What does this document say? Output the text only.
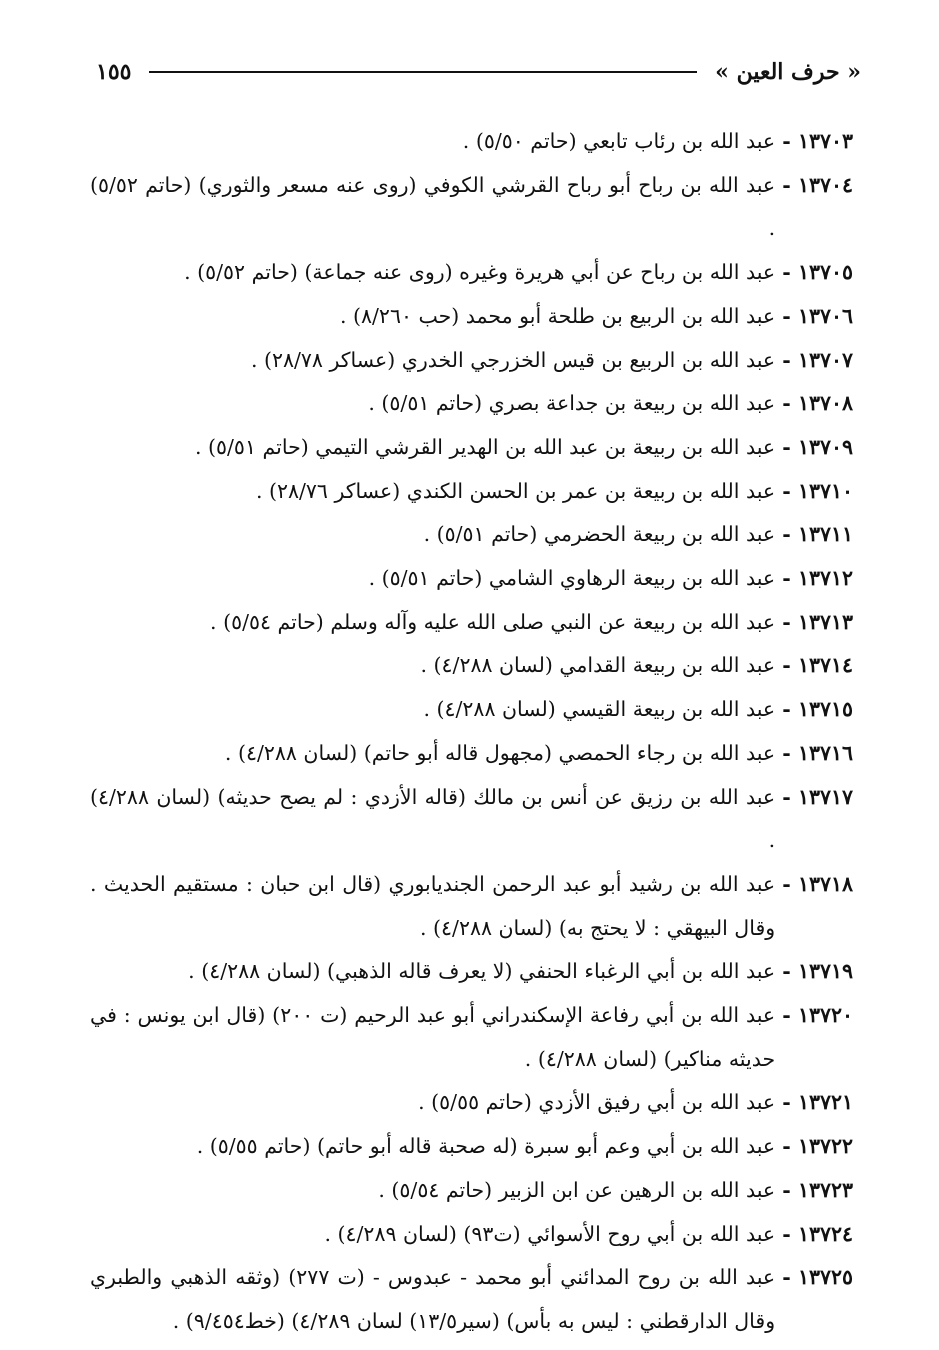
« حرف العين »
١٥٥
١٣٧٠٣
-
عبد الله بن رئاب تابعي (حاتم ٥/٥٠) .
١٣٧٠٤
-
عبد الله بن رباح أبو رباح القرشي الكوفي (روى عنه مسعر والثوري) (حاتم ٥/٥٢) .
١٣٧٠٥
-
عبد الله بن رباح عن أبي هريرة وغيره (روى عنه جماعة) (حاتم ٥/٥٢) .
١٣٧٠٦
-
عبد الله بن الربيع بن طلحة أبو محمد (حب ٨/٢٦٠) .
١٣٧٠٧
-
عبد الله بن الربيع بن قيس الخزرجي الخدري (عساكر ٢٨/٧٨) .
١٣٧٠٨
-
عبد الله بن ربيعة بن جداعة بصري (حاتم ٥/٥١) .
١٣٧٠٩
-
عبد الله بن ربيعة بن عبد الله بن الهدير القرشي التيمي (حاتم ٥/٥١) .
١٣٧١٠
-
عبد الله بن ربيعة بن عمر بن الحسن الكندي (عساكر ٢٨/٧٦) .
١٣٧١١
-
عبد الله بن ربيعة الحضرمي (حاتم ٥/٥١) .
١٣٧١٢
-
عبد الله بن ربيعة الرهاوي الشامي (حاتم ٥/٥١) .
١٣٧١٣
-
عبد الله بن ربيعة عن النبي صلى الله عليه وآله وسلم (حاتم ٥/٥٤) .
١٣٧١٤
-
عبد الله بن ربيعة القدامي (لسان ٤/٢٨٨) .
١٣٧١٥
-
عبد الله بن ربيعة القيسي (لسان ٤/٢٨٨) .
١٣٧١٦
-
عبد الله بن رجاء الحمصي (مجهول قاله أبو حاتم) (لسان ٤/٢٨٨) .
١٣٧١٧
-
عبد الله بن رزيق عن أنس بن مالك (قاله الأزدي : لم يصح حديثه) (لسان ٤/٢٨٨) .
١٣٧١٨
-
عبد الله بن رشيد أبو عبد الرحمن الجنديابوري (قال ابن حبان : مستقيم الحديث . وقال البيهقي : لا يحتج به) (لسان ٤/٢٨٨) .
١٣٧١٩
-
عبد الله بن أبي الرغباء الحنفي (لا يعرف قاله الذهبي) (لسان ٤/٢٨٨) .
١٣٧٢٠
-
عبد الله بن أبي رفاعة الإسكندراني أبو عبد الرحيم (ت ٢٠٠) (قال ابن يونس : في حديثه مناكير) (لسان ٤/٢٨٨) .
١٣٧٢١
-
عبد الله بن أبي رفيق الأزدي (حاتم ٥/٥٥) .
١٣٧٢٢
-
عبد الله بن أبي وعم أبو سبرة (له صحبة قاله أبو حاتم) (حاتم ٥/٥٥) .
١٣٧٢٣
-
عبد الله بن الرهين عن ابن الزبير (حاتم ٥/٥٤) .
١٣٧٢٤
-
عبد الله بن أبي روح الأسوائي (ت٩٣) (لسان ٤/٢٨٩) .
١٣٧٢٥
-
عبد الله بن روح المدائني أبو محمد - عبدوس - (ت ٢٧٧) (وثقه الذهبي والطبري وقال الدارقطني : ليس به بأس) (سير١٣/٥) لسان ٤/٢٨٩) (خط٩/٤٥٤) .
